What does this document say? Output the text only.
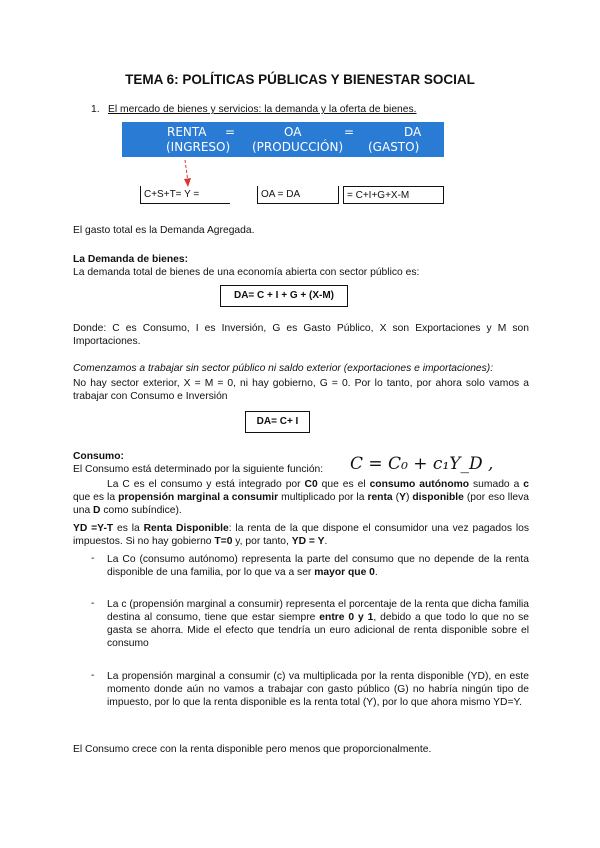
TEMA 6: POLÍTICAS PÚBLICAS Y BIENESTAR SOCIAL
1. El mercado de bienes y servicios: la demanda y la oferta de bienes.
RENTA =	OA	=	DA
(INGRESO) (PRODUCCIÓN) (GASTO)
C+S+T= Y =	OA = DA	= C+I+G+X-M
El gasto total es la Demanda Agregada.
La Demanda de bienes:
La demanda total de bienes de una economía abierta con sector público es:
DA= C + I + G + (X-M)
Donde: C es Consumo, I es Inversión, G es Gasto Público, X son Exportaciones y M son Importaciones.
Comenzamos a trabajar sin sector público ni saldo exterior (exportaciones e importaciones):
No hay sector exterior, X = M = 0, ni hay gobierno, G = 0. Por lo tanto, por ahora solo vamos a trabajar con Consumo e Inversión
DA= C+ I
Consumo:
El Consumo está determinado por la siguiente función: C = C₀ + c₁Y_D ,
La C es el consumo y está integrado por C0 que es el consumo autónomo sumado a c que es la propensión marginal a consumir multiplicado por la renta (Y) disponible (por eso lleva una D como subíndice).
YD =Y-T es la Renta Disponible: la renta de la que dispone el consumidor una vez pagados los impuestos. Si no hay gobierno T=0 y, por tanto, YD = Y.
- La Co (consumo autónomo) representa la parte del consumo que no depende de la renta disponible de una familia, por lo que va a ser mayor que 0.
- La c (propensión marginal a consumir) representa el porcentaje de la renta que dicha familia destina al consumo, tiene que estar siempre entre 0 y 1, debido a que todo lo que no se gasta se ahorra. Mide el efecto que tendría un euro adicional de renta disponible sobre el consumo
- La propensión marginal a consumir (c) va multiplicada por la renta disponible (YD), en este momento donde aún no vamos a trabajar con gasto público (G) no habría ningún tipo de impuesto, por lo que la renta disponible es la renta total (Y), por lo que ahora mismo YD=Y.
El Consumo crece con la renta disponible pero menos que proporcionalmente.
